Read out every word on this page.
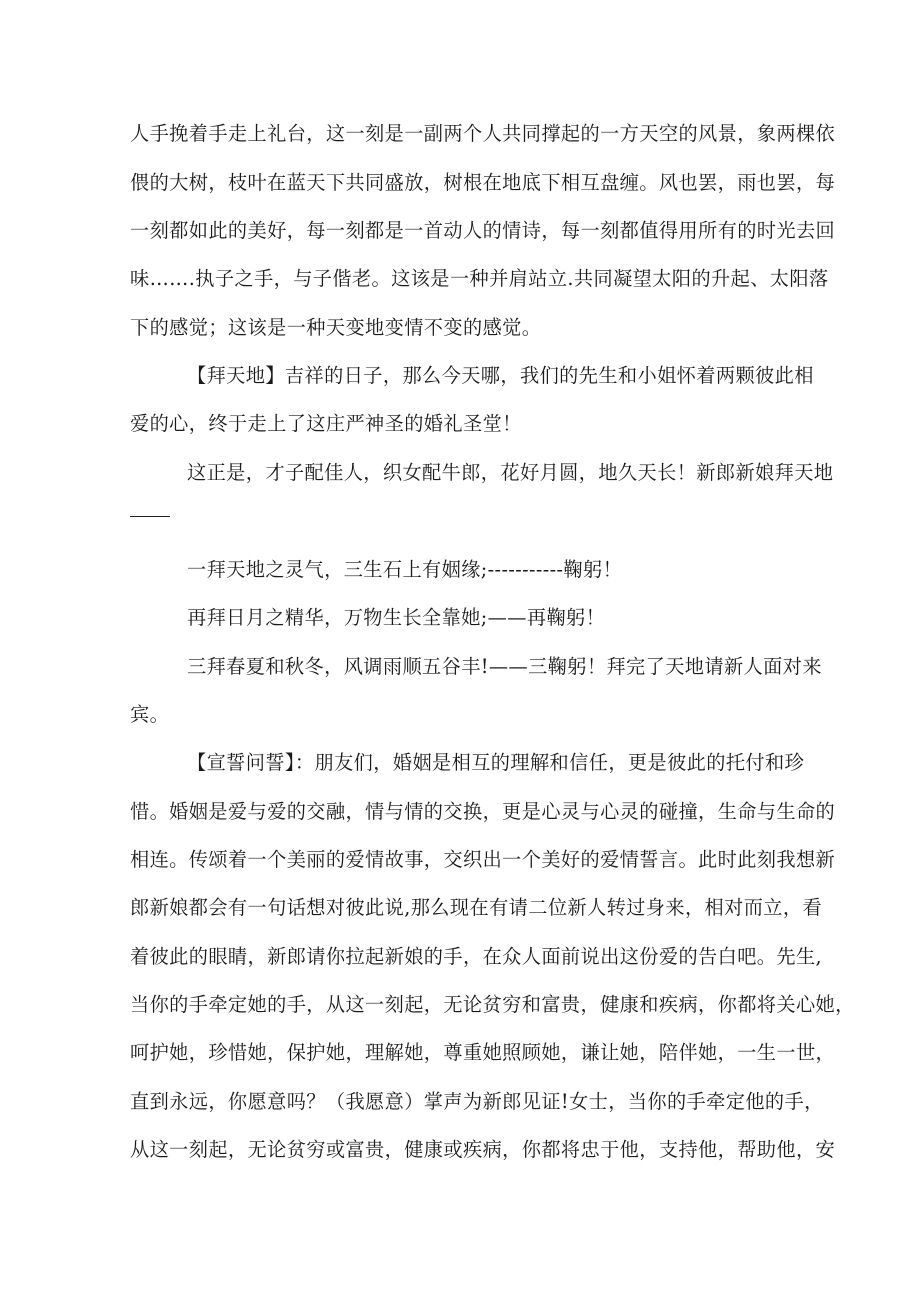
人手挽着手走上礼台，这一刻是一副两个人共同撑起的一方天空的风景，象两棵依
偎的大树，枝叶在蓝天下共同盛放，树根在地底下相互盘缠。风也罢，雨也罢，每
一刻都如此的美好，每一刻都是一首动人的情诗，每一刻都值得用所有的时光去回
味…….执子之手，与子偕老。这该是一种并肩站立.共同凝望太阳的升起、太阳落
下的感觉；这该是一种天变地变情不变的感觉。
【拜天地】吉祥的日子，那么今天哪，我们的先生和小姐怀着两颗彼此相
爱的心，终于走上了这庄严神圣的婚礼圣堂！
这正是，才子配佳人，织女配牛郎，花好月圆，地久天长！新郎新娘拜天地
一拜天地之灵气，三生石上有姻缘;-----------鞠躬！
再拜日月之精华，万物生长全靠她;——再鞠躬！
三拜春夏和秋冬，风调雨顺五谷丰!——三鞠躬！拜完了天地请新人面对来
宾。
【宣誓问誓】：朋友们，婚姻是相互的理解和信任，更是彼此的托付和珍
惜。婚姻是爱与爱的交融，情与情的交换，更是心灵与心灵的碰撞，生命与生命的
相连。传颂着一个美丽的爱情故事，交织出一个美好的爱情誓言。此时此刻我想新
郎新娘都会有一句话想对彼此说,那么现在有请二位新人转过身来，相对而立，看
着彼此的眼睛，新郎请你拉起新娘的手，在众人面前说出这份爱的告白吧。先生,
当你的手牵定她的手，从这一刻起，无论贫穷和富贵，健康和疾病，你都将关心她，
呵护她，珍惜她，保护她，理解她，尊重她照顾她，谦让她，陪伴她，一生一世，
直到永远，你愿意吗？（我愿意）掌声为新郎见证!女士，当你的手牵定他的手，
从这一刻起，无论贫穷或富贵，健康或疾病，你都将忠于他，支持他，帮助他，安
